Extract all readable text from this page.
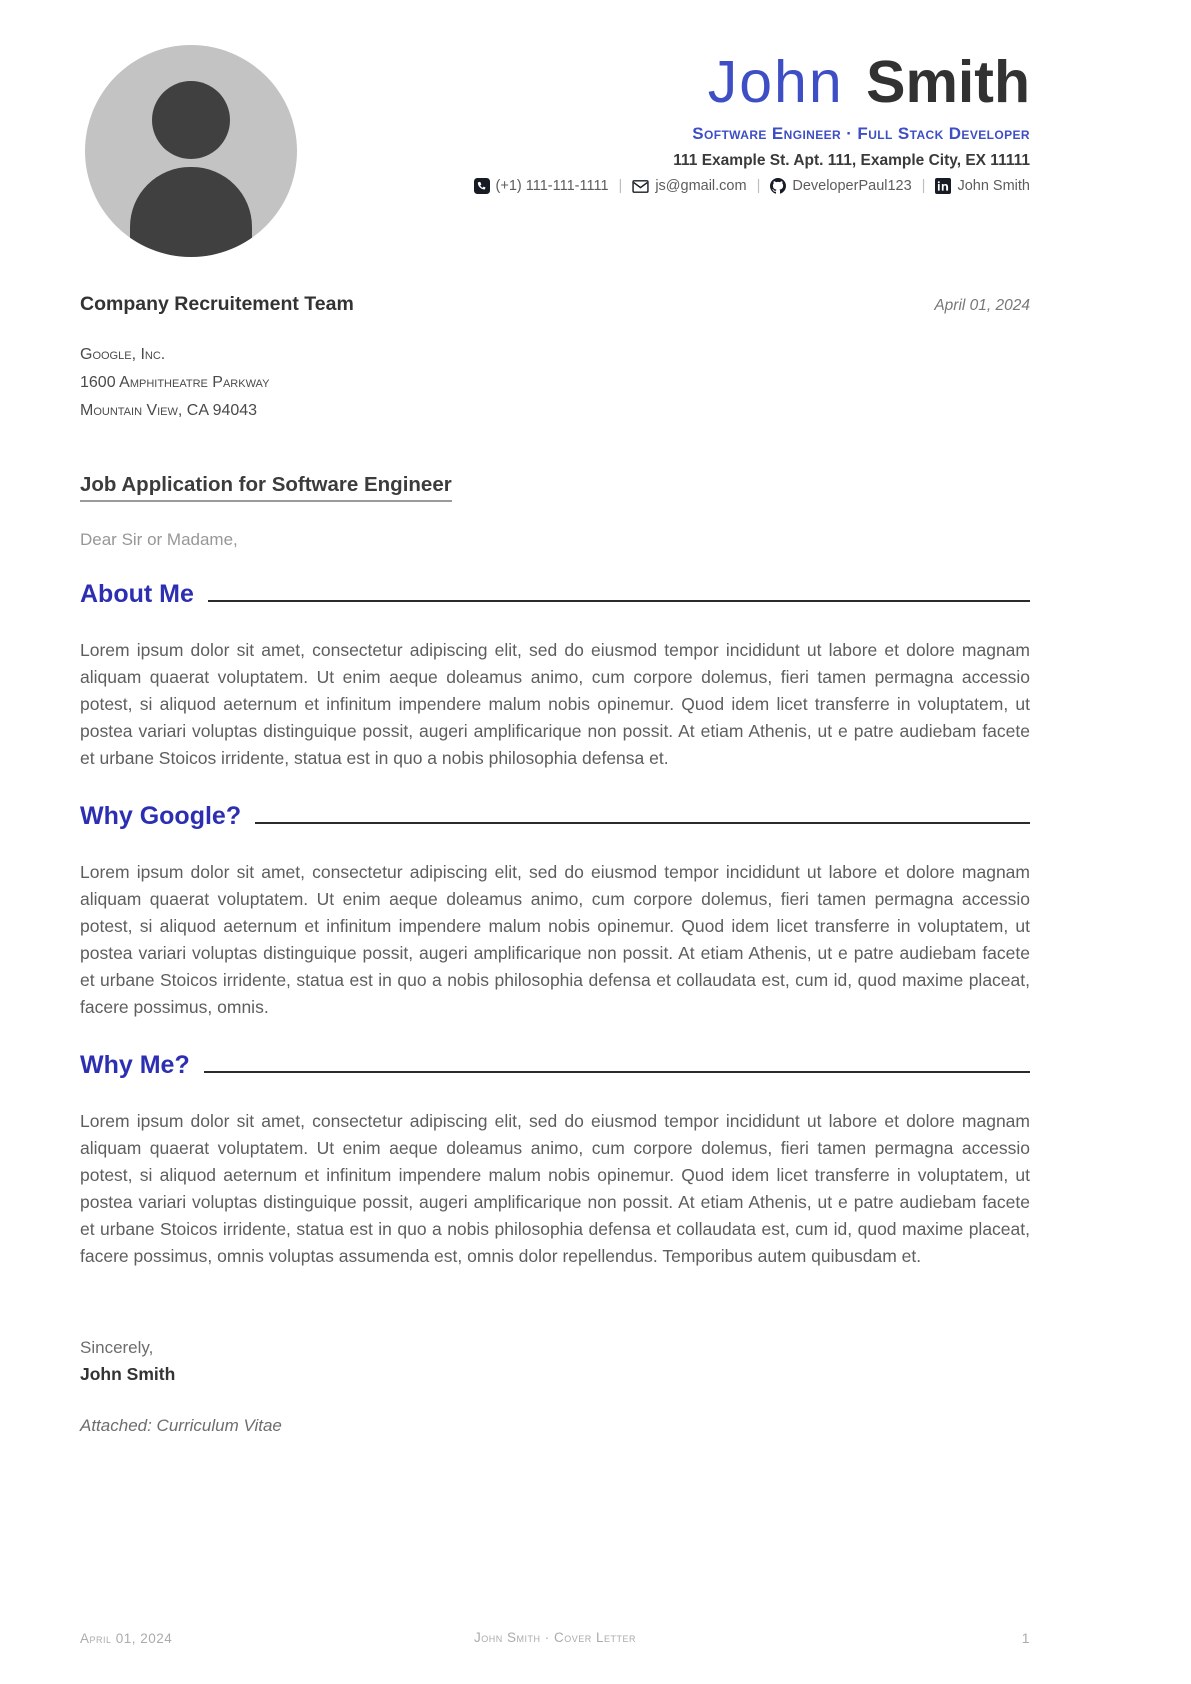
John Smith
Software Engineer · Full Stack Developer
111 Example St. Apt. 111, Example City, EX 11111
(+1) 111-111-1111 | js@gmail.com | DeveloperPaul123 | John Smith
Company Recruitement Team	April 01, 2024
Google, Inc.
1600 Amphitheatre Parkway
Mountain View, CA 94043
Job Application for Software Engineer
Dear Sir or Madame,
About Me

Lorem ipsum dolor sit amet, consectetur adipiscing elit, sed do eiusmod tempor incididunt ut labore et dolore magnam aliquam quaerat voluptatem. Ut enim aeque doleamus animo, cum corpore dolemus, fieri tamen permagna accessio potest, si aliquod aeternum et infinitum impendere malum nobis opinemur. Quod idem licet transferre in voluptatem, ut postea variari voluptas distinguique possit, augeri amplificarique non possit. At etiam Athenis, ut e patre audiebam facete et urbane Stoicos irridente, statua est in quo a nobis philosophia defensa et.

Why Google?

Lorem ipsum dolor sit amet, consectetur adipiscing elit, sed do eiusmod tempor incididunt ut labore et dolore magnam aliquam quaerat voluptatem. Ut enim aeque doleamus animo, cum corpore dolemus, fieri tamen permagna accessio potest, si aliquod aeternum et infinitum impendere malum nobis opinemur. Quod idem licet transferre in voluptatem, ut postea variari voluptas distinguique possit, augeri amplificarique non possit. At etiam Athenis, ut e patre audiebam facete et urbane Stoicos irridente, statua est in quo a nobis philosophia defensa et collaudata est, cum id, quod maxime placeat, facere possimus, omnis.

Why Me?

Lorem ipsum dolor sit amet, consectetur adipiscing elit, sed do eiusmod tempor incididunt ut labore et dolore magnam aliquam quaerat voluptatem. Ut enim aeque doleamus animo, cum corpore dolemus, fieri tamen permagna accessio potest, si aliquod aeternum et infinitum impendere malum nobis opinemur. Quod idem licet transferre in voluptatem, ut postea variari voluptas distinguique possit, augeri amplificarique non possit. At etiam Athenis, ut e patre audiebam facete et urbane Stoicos irridente, statua est in quo a nobis philosophia defensa et collaudata est, cum id, quod maxime placeat, facere possimus, omnis voluptas assumenda est, omnis dolor repellendus. Temporibus autem quibusdam et.

Sincerely,
John Smith
Attached: Curriculum Vitae
April 01, 2024	John Smith · Cover Letter	1
